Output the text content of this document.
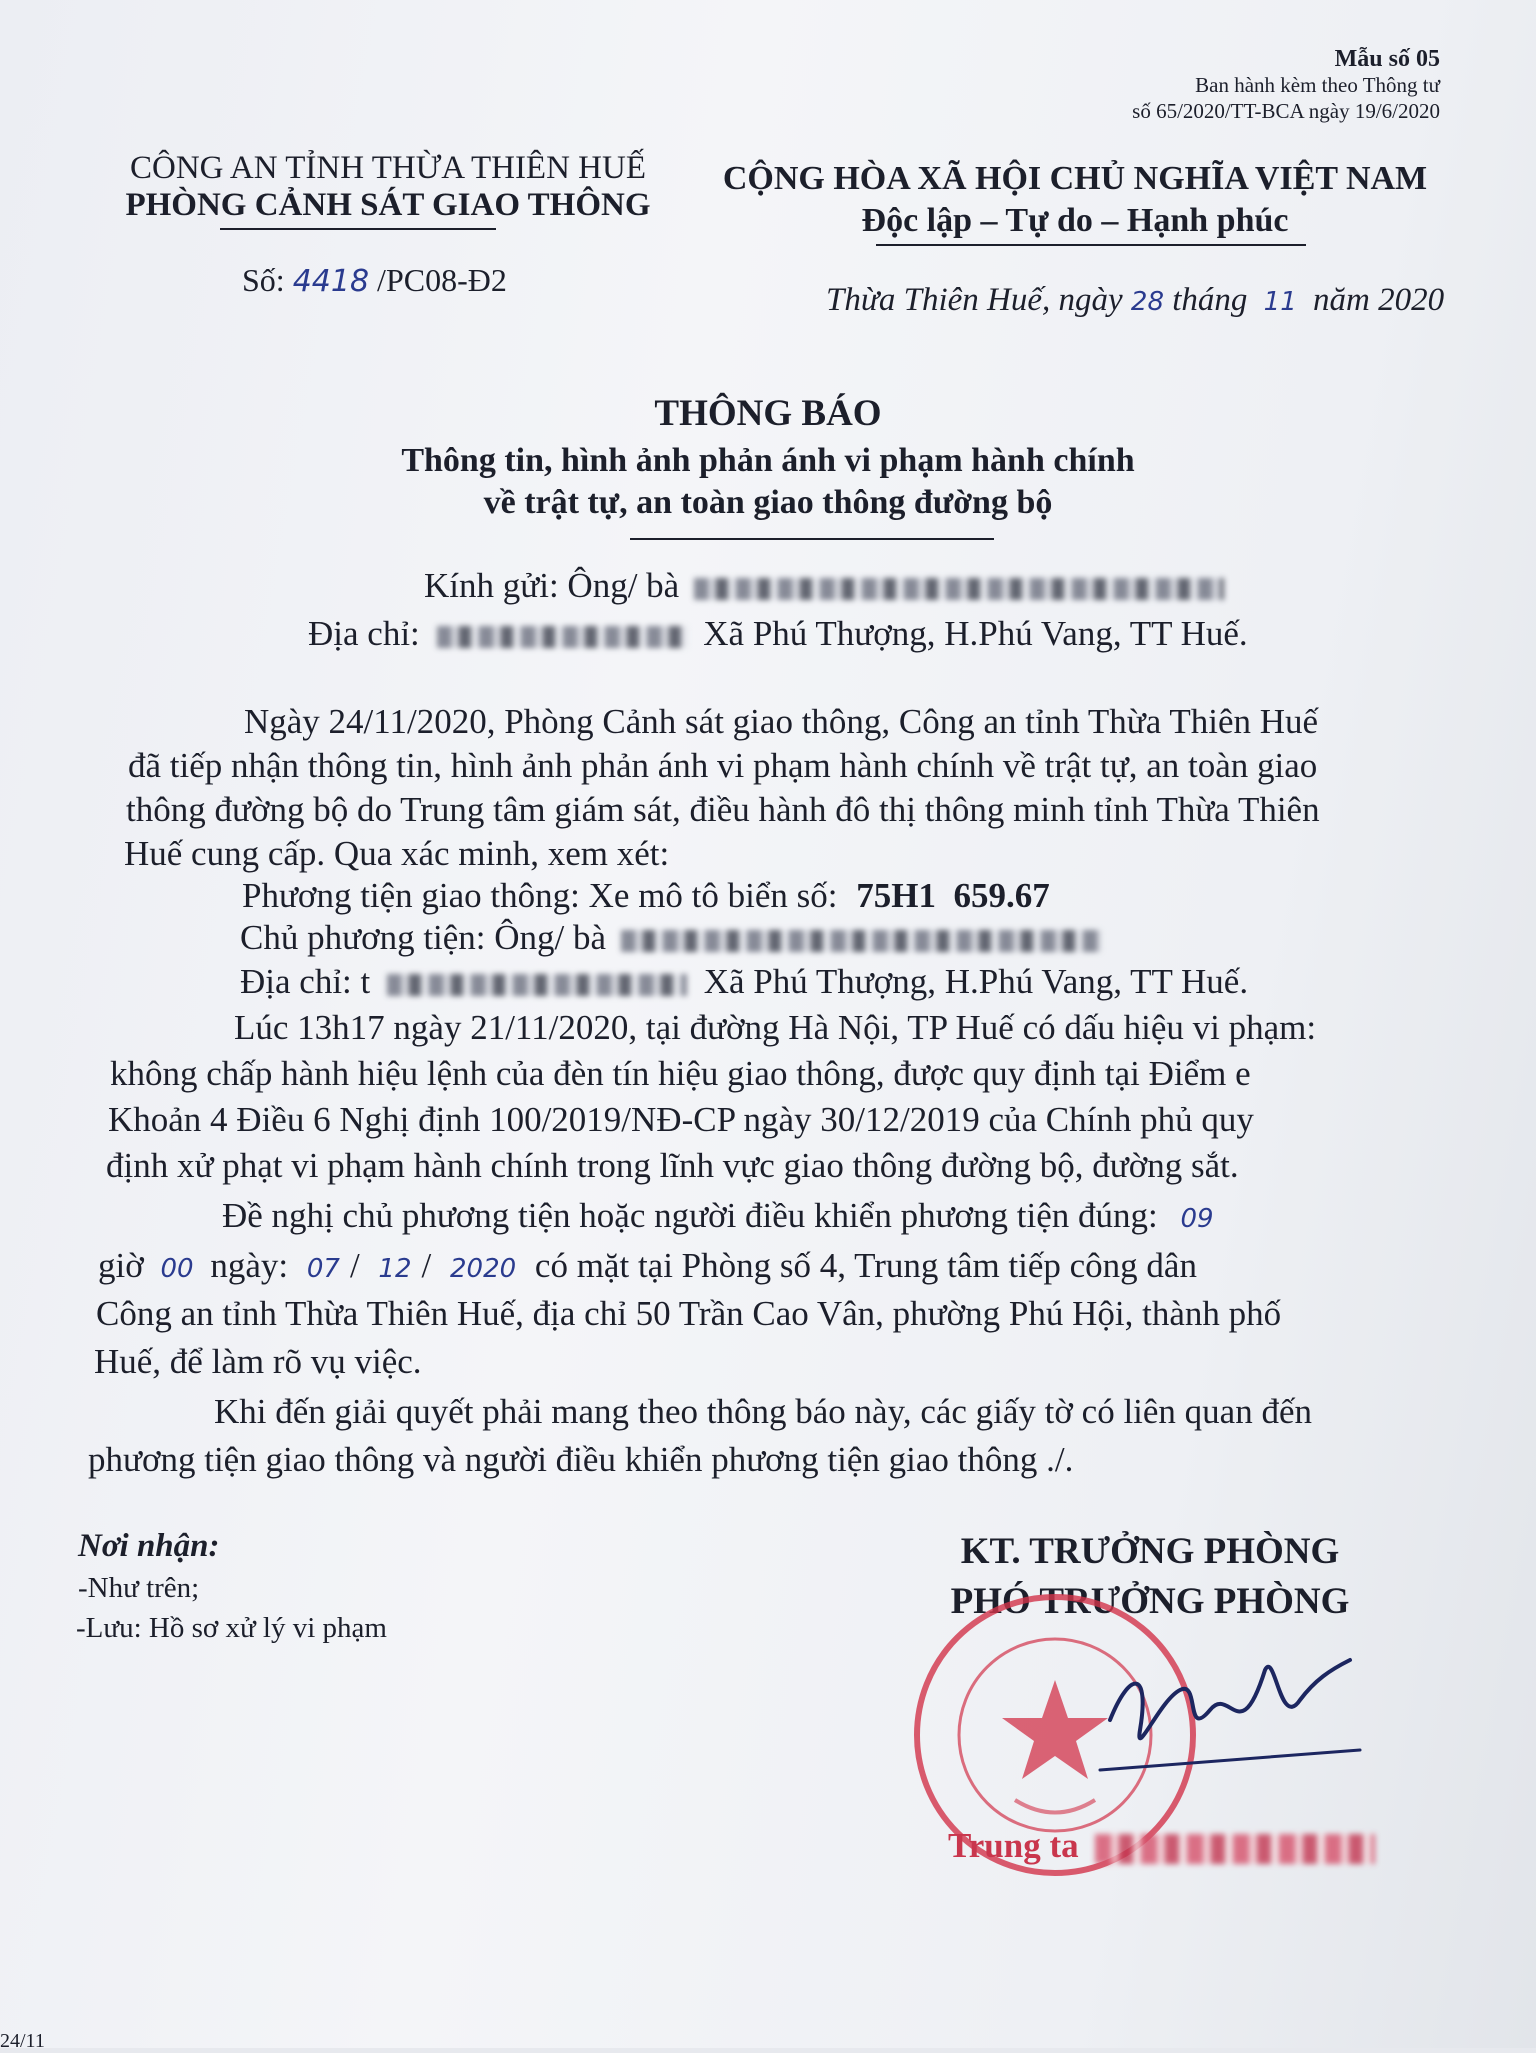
Mẫu số 05
Ban hành kèm theo Thông tư
số 65/2020/TT-BCA ngày 19/6/2020
CÔNG AN TỈNH THỪA THIÊN HUẾ
PHÒNG CẢNH SÁT GIAO THÔNG
Số: 4418 /PC08-Đ2
CỘNG HÒA XÃ HỘI CHỦ NGHĨA VIỆT NAM
Độc lập – Tự do – Hạnh phúc
Thừa Thiên Huế, ngày 28 tháng 11 năm 2020
THÔNG BÁO
Thông tin, hình ảnh phản ánh vi phạm hành chính
về trật tự, an toàn giao thông đường bộ
Kính gửi: Ông/ bà
Địa chỉ:	Xã Phú Thượng, H.Phú Vang, TT Huế.
Ngày 24/11/2020, Phòng Cảnh sát giao thông, Công an tỉnh Thừa Thiên Huế
đã tiếp nhận thông tin, hình ảnh phản ánh vi phạm hành chính về trật tự, an toàn giao
thông đường bộ do Trung tâm giám sát, điều hành đô thị thông minh tỉnh Thừa Thiên
Huế cung cấp. Qua xác minh, xem xét:
Phương tiện giao thông: Xe mô tô biển số: 75H1  659.67
Chủ phương tiện: Ông/ bà
Địa chỉ: t	Xã Phú Thượng, H.Phú Vang, TT Huế.
Lúc 13h17 ngày 21/11/2020, tại đường Hà Nội, TP Huế có dấu hiệu vi phạm:
không chấp hành hiệu lệnh của đèn tín hiệu giao thông, được quy định tại Điểm e
Khoản 4 Điều 6 Nghị định 100/2019/NĐ-CP ngày 30/12/2019 của Chính phủ quy
định xử phạt vi phạm hành chính trong lĩnh vực giao thông đường bộ, đường sắt.
Đề nghị chủ phương tiện hoặc người điều khiển phương tiện đúng: 09
giờ 00 ngày: 07 / 12 / 2020 có mặt tại Phòng số 4, Trung tâm tiếp công dân
Công an tỉnh Thừa Thiên Huế, địa chỉ 50 Trần Cao Vân, phường Phú Hội, thành phố
Huế, để làm rõ vụ việc.
Khi đến giải quyết phải mang theo thông báo này, các giấy tờ có liên quan đến
phương tiện giao thông và người điều khiển phương tiện giao thông ./.
Nơi nhận:
-Như trên;
-Lưu: Hồ sơ xử lý vi phạm
KT. TRƯỞNG PHÒNG
PHÓ TRƯỞNG PHÒNG
Trung ta
24/11
